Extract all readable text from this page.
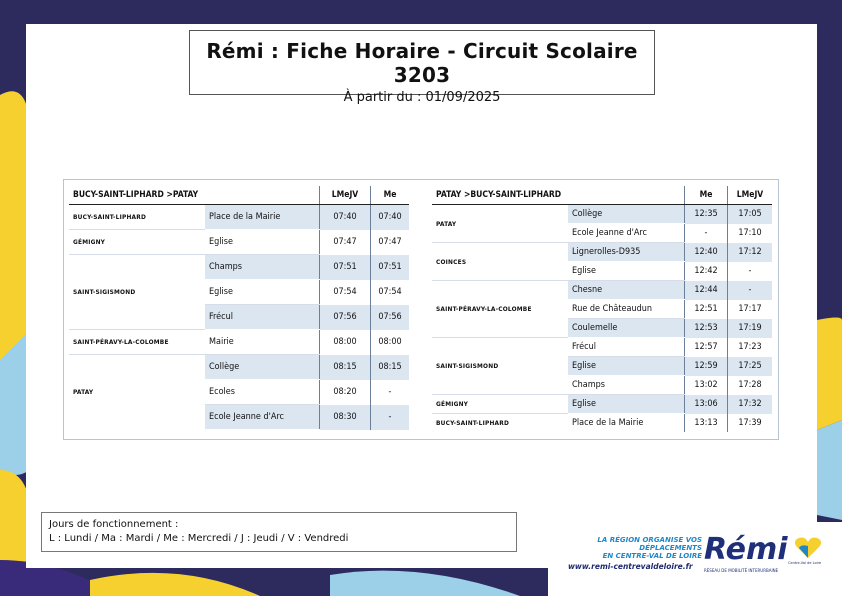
Rémi : Fiche Horaire - Circuit Scolaire 3203
À partir du : 01/09/2025
BUCY-SAINT-LIPHARD >PATAY		LMeJV	Me
BUCY-SAINT-LIPHARD	Place de la Mairie	07:40	07:40
GÉMIGNY	Eglise	07:47	07:47
SAINT-SIGISMOND	Champs	07:51	07:51
	Eglise	07:54	07:54
	Frécul	07:56	07:56
SAINT-PÉRAVY-LA-COLOMBE	Mairie	08:00	08:00
PATAY	Collège	08:15	08:15
	Ecoles	08:20	-
	Ecole Jeanne d'Arc	08:30	-
PATAY >BUCY-SAINT-LIPHARD		Me	LMeJV
PATAY	Collège	12:35	17:05
	Ecole Jeanne d'Arc	-	17:10
COINCES	Lignerolles-D935	12:40	17:12
	Eglise	12:42	-
SAINT-PÉRAVY-LA-COLOMBE	Chesne	12:44	-
	Rue de Châteaudun	12:51	17:17
	Coulemelle	12:53	17:19
SAINT-SIGISMOND	Frécul	12:57	17:23
	Eglise	12:59	17:25
	Champs	13:02	17:28
GÉMIGNY	Eglise	13:06	17:32
BUCY-SAINT-LIPHARD	Place de la Mairie	13:13	17:39
Jours de fonctionnement :
L : Lundi / Ma : Mardi / Me : Mercredi / J : Jeudi / V : Vendredi	LA RÉGION ORGANISE VOS DÉPLACEMENTS
EN CENTRE-VAL DE LOIRE
www.remi-centrevaldeloire.fr Rémi
RÉSEAU DE MOBILITÉ INTERURBAINE
Centre-Val de Loire
